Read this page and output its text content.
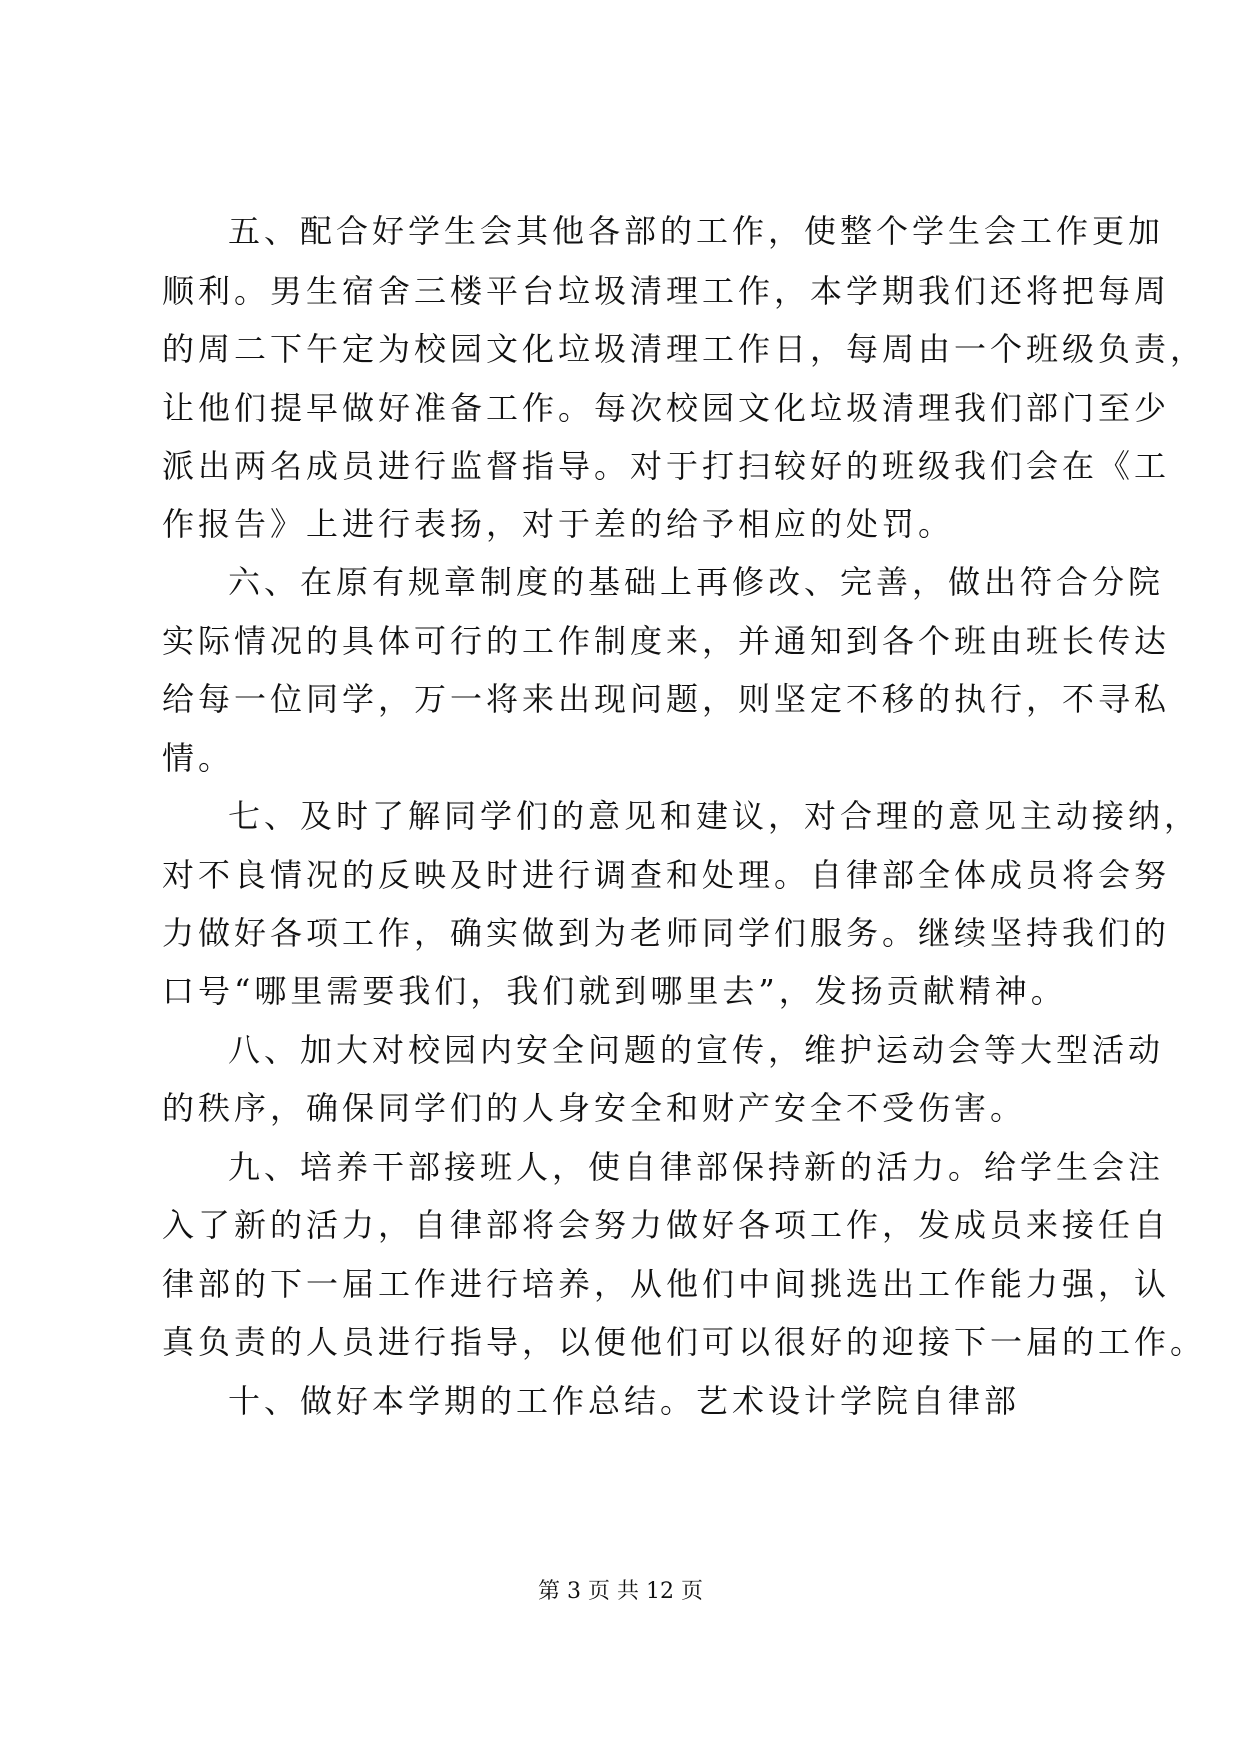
五、配合好学生会其他各部的工作，使整个学生会工作更加
顺利。男生宿舍三楼平台垃圾清理工作，本学期我们还将把每周
的周二下午定为校园文化垃圾清理工作日，每周由一个班级负责，
让他们提早做好准备工作。每次校园文化垃圾清理我们部门至少
派出两名成员进行监督指导。对于打扫较好的班级我们会在《工
作报告》上进行表扬，对于差的给予相应的处罚。
六、在原有规章制度的基础上再修改、完善，做出符合分院
实际情况的具体可行的工作制度来，并通知到各个班由班长传达
给每一位同学，万一将来出现问题，则坚定不移的执行，不寻私
情。
七、及时了解同学们的意见和建议，对合理的意见主动接纳，
对不良情况的反映及时进行调查和处理。自律部全体成员将会努
力做好各项工作，确实做到为老师同学们服务。继续坚持我们的
口号“哪里需要我们，我们就到哪里去”，发扬贡献精神。
八、加大对校园内安全问题的宣传，维护运动会等大型活动
的秩序，确保同学们的人身安全和财产安全不受伤害。
九、培养干部接班人，使自律部保持新的活力。给学生会注
入了新的活力，自律部将会努力做好各项工作，发成员来接任自
律部的下一届工作进行培养，从他们中间挑选出工作能力强，认
真负责的人员进行指导，以便他们可以很好的迎接下一届的工作。
十、做好本学期的工作总结。艺术设计学院自律部
第 3 页 共 12 页
